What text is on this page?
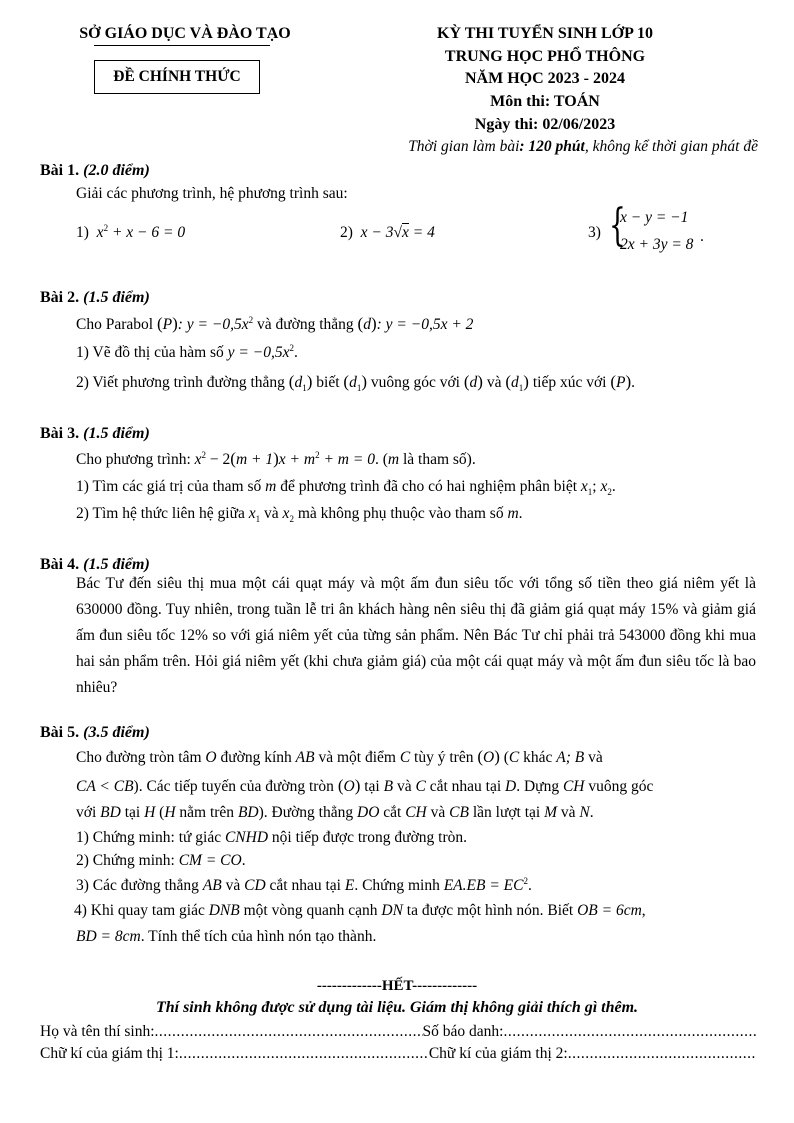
SỞ GIÁO DỤC VÀ ĐÀO TẠO
ĐỀ CHÍNH THỨC
KỲ THI TUYỂN SINH LỚP 10
TRUNG HỌC PHỔ THÔNG
NĂM HỌC 2023 - 2024
Môn thi: TOÁN
Ngày thi: 02/06/2023
Thời gian làm bài: 120 phút, không kể thời gian phát đề
Bài 1. (2.0 điểm)
Giải các phương trình, hệ phương trình sau:
1) $x^2 + x - 6 = 0$	2) x − 3√x = 4	3) {
x − y = −1
2x + 3y = 8 .
Bài 2. (1.5 điểm)
Cho Parabol (P): $y = -0,5x^2$ và đường thẳng (d): y = −0,5x + 2
1) Vẽ đồ thị của hàm số $y = -0,5x^2$.
2) Viết phương trình đường thẳng $(d_1)$ biết $(d_1)$ vuông góc với (d) và $(d_1)$ tiếp xúc với (P).
Bài 3. (1.5 điểm)
Cho phương trình: $x^2 - 2(m + 1)x + m^2 + m = 0$. (m là tham số).
1) Tìm các giá trị của tham số m để phương trình đã cho có hai nghiệm phân biệt $x_1$; $x_2$.
2) Tìm hệ thức liên hệ giữa $x_1$ và $x_2$ mà không phụ thuộc vào tham số m.
Bài 4. (1.5 điểm)
Bác Tư đến siêu thị mua một cái quạt máy và một ấm đun siêu tốc với tổng số tiền theo giá niêm yết là 630000 đồng. Tuy nhiên, trong tuần lễ tri ân khách hàng nên siêu thị đã giảm giá quạt máy 15% và giảm giá ấm đun siêu tốc 12% so với giá niêm yết của từng sản phẩm. Nên Bác Tư chỉ phải trả 543000 đồng khi mua hai sản phẩm trên. Hỏi giá niêm yết (khi chưa giảm giá) của một cái quạt máy và một ấm đun siêu tốc là bao nhiêu?
Bài 5. (3.5 điểm)
Cho đường tròn tâm O đường kính AB và một điểm C tùy ý trên (O) (C khác A; B và
CA < CB). Các tiếp tuyến của đường tròn (O) tại B và C cắt nhau tại D. Dựng CH vuông góc
với BD tại H (H nằm trên BD). Đường thẳng DO cắt CH và CB lần lượt tại M và N.
1) Chứng minh: tứ giác CNHD nội tiếp được trong đường tròn.
2) Chứng minh: CM = CO.
3) Các đường thẳng AB và CD cắt nhau tại E. Chứng minh $EA.EB = EC^2$.
4) Khi quay tam giác DNB một vòng quanh cạnh DN ta được một hình nón. Biết OB = 6cm,
BD = 8cm. Tính thể tích của hình nón tạo thành.
-------------HẾT-------------
Thí sinh không được sử dụng tài liệu. Giám thị không giải thích gì thêm.
Họ và tên thí sinh: .....	Số báo danh:
.....
Chữ kí của giám thị 1: .....	Chữ kí của giám thị 2:
.....
